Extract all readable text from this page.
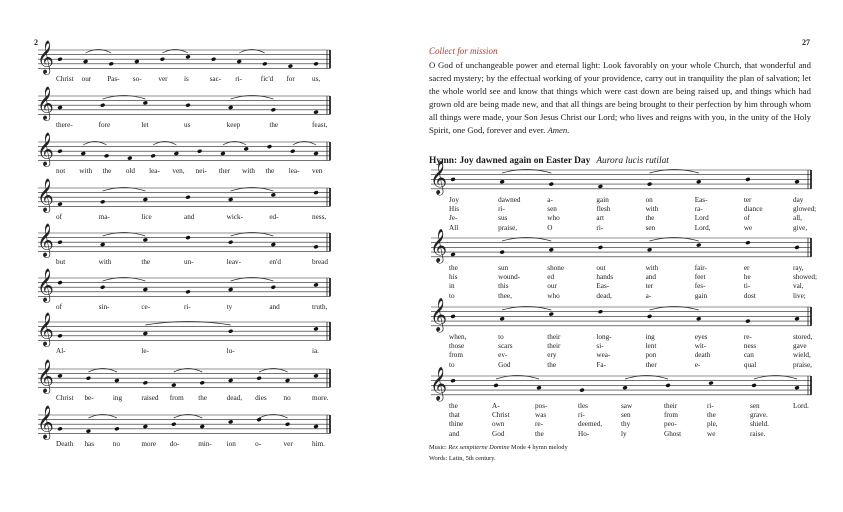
2	27
Collect for mission
O God of unchangeable power and eternal light: Look favorably on your whole Church, that wonderful and sacred mystery; by the effectual working of your providence, carry out in tranquility the plan of salvation; let the whole world see and know that things which were cast down are being raised up, and things which had grown old are being made new, and that all things are being brought to their perfection by him through whom all things were made, your Son Jesus Christ our Lord; who lives and reigns with you, in the unity of the Holy Spirit, one God, forever and ever. Amen.
Hymn: Joy dawned again on Easter Day Aurora lucis rutilat
Music: Rex sempiterne Domine Mode 4 hymn melody
Words: Latin, 5th century.
𝄞
Christ our Pas- so- ver is	sac- ri-	fic'd for us,
𝄞
there-	fore	let	us	keep	the	feast,
𝄞
not with the old lea- ven, nei- ther with the lea- ven
𝄞
of	ma-	lice	and	wick-	ed-	ness,
𝄞
but	with	the	un-	leav-	en'd	bread
𝄞
of	sin-	ce-	ri-	ty	and	truth,
𝄞
Al-	le-	lu-	ia.
𝄞
Christ be-	ing	raised from the	dead, dies no	more.
𝄞
Death has	no	more do-	min- ion	o-	ver	him.
𝄞
Joy	dawned	a-	gain	on	Eas-	ter	day
His	ri-	sen	flesh	with	ra-	diance	glowed;
Je-	sus	who	art	the	Lord	of	all,
All	praise,	O	ri-	sen	Lord,	we	give,
𝄞
the	sun	shone	out	with	fair-	er	ray,
his	wound-	ed	hands	and	feet	he	showed;
in	this	our	Eas-	ter	fes-	ti-	val,
to	thee,	who	dead,	a-	gain	dost	live;
𝄞
when,	to	their	long-	ing	eyes	re-	stored,
those	scars	their	si-	lent	wit-	ness	gave
from	ev-	ery	wea-	pon	death	can	wield,
to	God	the	Fa-	ther	e-	qual	praise,
𝄞
the	A-	pos-	tles	saw	their	ri-	sen	Lord.
that	Christ	was	ri-	sen	from	the	grave.
thine	own	re-	deemed,	thy	peo-	ple,	shield.
and	God	the	Ho-	ly	Ghost	we	raise.
